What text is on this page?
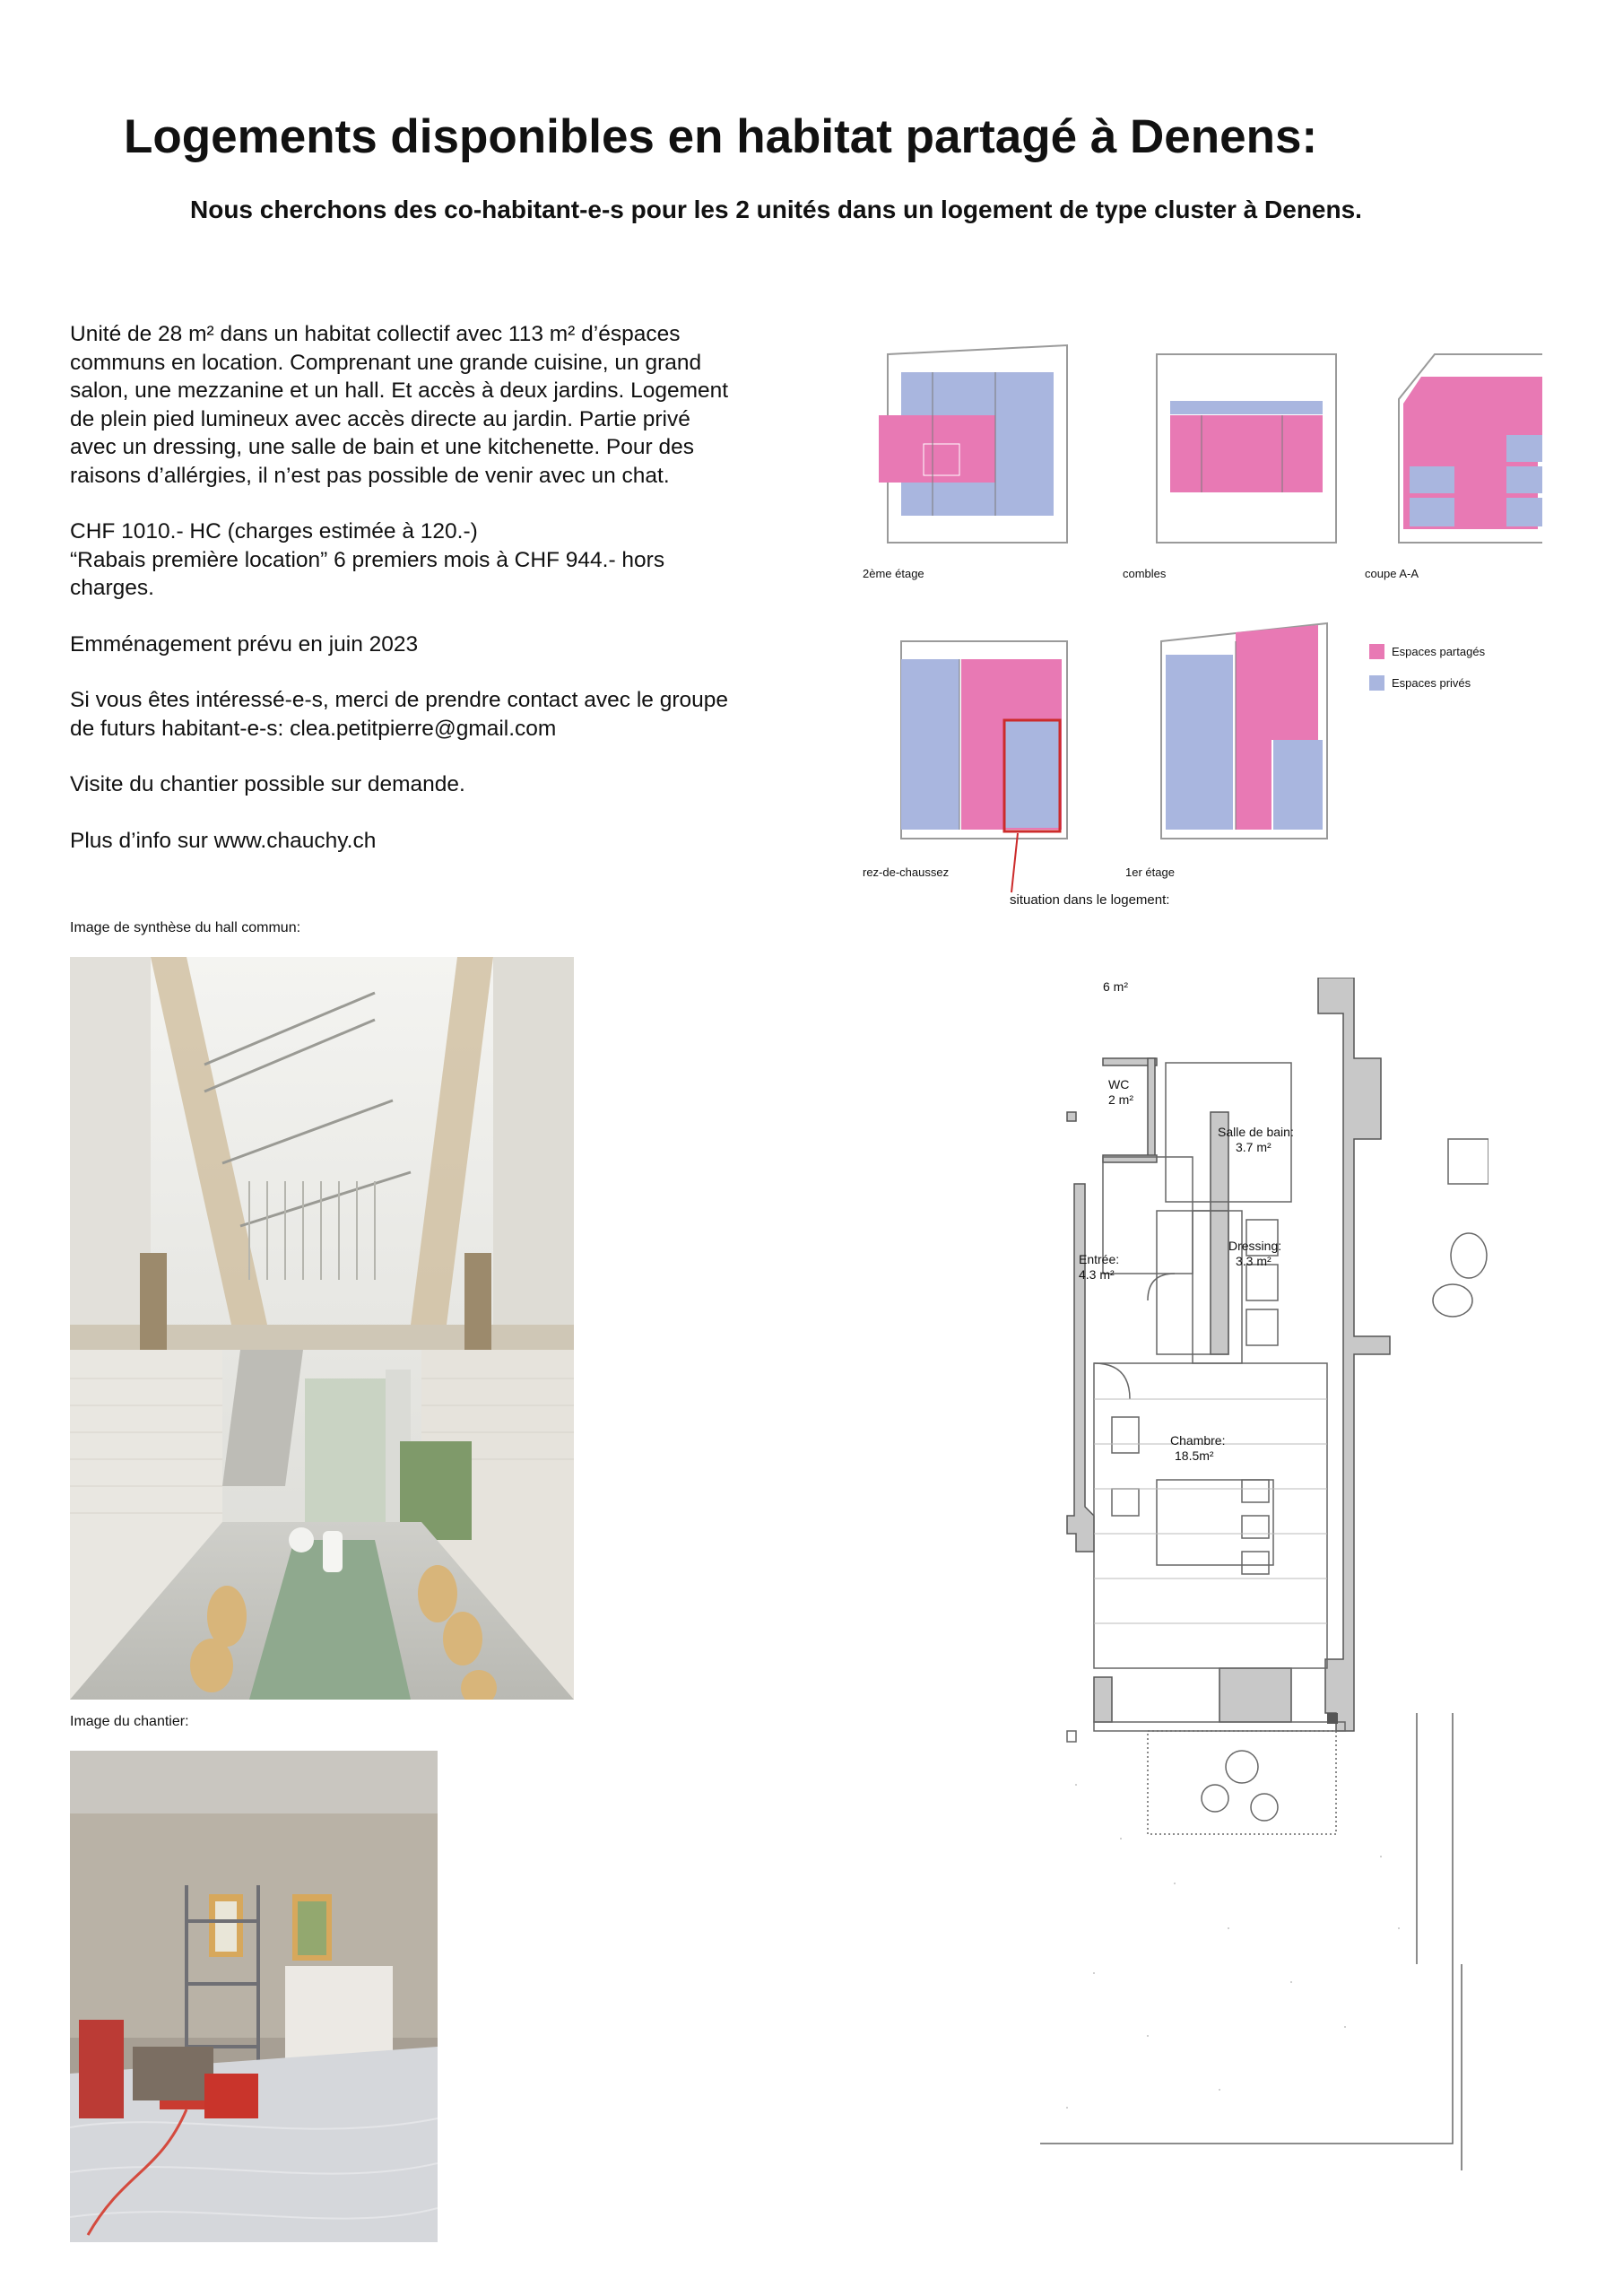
Logements disponibles en habitat partagé à Denens:
Nous cherchons des co-habitant-e-s pour les 2 unités dans un logement de type cluster à Denens.

Unité de 28 m² dans un habitat collectif avec 113 m² d’éspaces communs en location. Comprenant une grande cuisine, un grand salon, une mezzanine et un hall. Et accès à deux jardins. Logement de plein pied lumineux avec accès directe au jardin. Partie privé avec un dressing, une salle de bain et une kitchenette. Pour des raisons d’allérgies, il n’est pas possible de venir avec un chat.

CHF 1010.- HC (charges estimée à 120.-)

“Rabais première location” 6 premiers mois à CHF 944.- hors charges.

Emménagement prévu en juin 2023

Si vous êtes intéressé-e-s, merci de prendre contact avec le groupe de futurs habitant-e-s: clea.petitpierre@gmail.com

Visite du chantier possible sur demande.

Plus d’info sur www.chauchy.ch

Image de synthèse du hall commun:
Image du chantier:
2ème étage	combles	coupe A-A
rez-de-chaussez	1er étage
situation dans le logement:
Espaces partagés
Espaces privés
6 m²
WC
2 m²
Salle de bain:
3.7 m²
Entrée:
4.3 m²
Dressing:
3.3 m²
Chambre:
18.5m²
